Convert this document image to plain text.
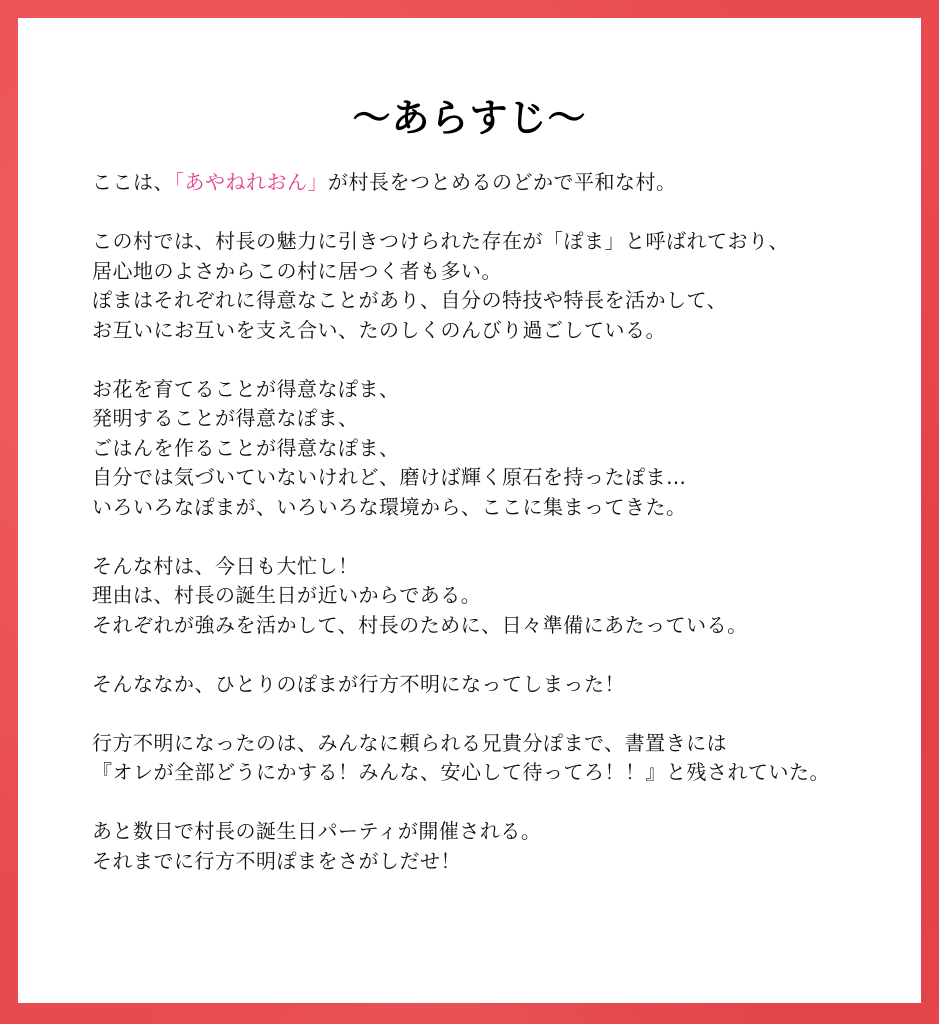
〜あらすじ〜

ここは、「あやねれおん」が村長をつとめるのどかで平和な村。

この村では、村長の魅力に引きつけられた存在が「ぽま」と呼ばれており、
居心地のよさからこの村に居つく者も多い。
ぽまはそれぞれに得意なことがあり、自分の特技や特長を活かして、
お互いにお互いを支え合い、たのしくのんびり過ごしている。

お花を育てることが得意なぽま、
発明することが得意なぽま、
ごはんを作ることが得意なぽま、
自分では気づいていないけれど、磨けば輝く原石を持ったぽま…
いろいろなぽまが、いろいろな環境から、ここに集まってきた。

そんな村は、今日も大忙し！
理由は、村長の誕生日が近いからである。
それぞれが強みを活かして、村長のために、日々準備にあたっている。

そんななか、ひとりのぽまが行方不明になってしまった！

行方不明になったのは、みんなに頼られる兄貴分ぽまで、書置きには
『オレが全部どうにかする！みんな、安心して待ってろ！！』と残されていた。

あと数日で村長の誕生日パーティが開催される。
それまでに行方不明ぽまをさがしだせ！
